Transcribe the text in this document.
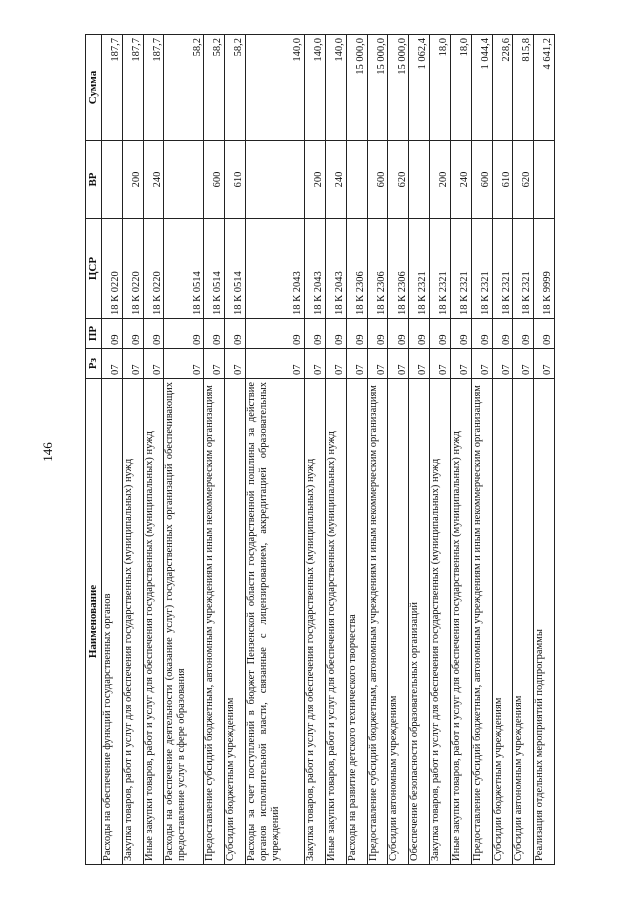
146
Наименование	Рз	ПР	ЦСР	ВР	Сумма
Расходы на обеспечение функций государственных органов	07	09	18 К 0220		187,7
Закупка товаров, работ и услуг для обеспечения государственных (муниципальных) нужд	07	09	18 К 0220	200	187,7
Иные закупки товаров, работ и услуг для обеспечения государственных (муниципальных) нужд	07	09	18 К 0220	240	187,7
Расходы на обеспечение деятельности (оказание услуг) государственных организаций обеспечивающих предоставление услуг в сфере образования	07	09	18 К 0514		58,2
Предоставление субсидий бюджетным, автономным учреждениям и иным некоммерческим организациям	07	09	18 К 0514	600	58,2
Субсидии бюджетным учреждениям	07	09	18 К 0514	610	58,2
Расходы за счет поступлений в бюджет Пензенской области государственной пошлины за действие органов исполнительной власти, связанные с лицензированием, аккредитацией образовательных учреждений	07	09	18 К 2043		140,0
Закупка товаров, работ и услуг для обеспечения государственных (муниципальных) нужд	07	09	18 К 2043	200	140,0
Иные закупки товаров, работ и услуг для обеспечения государственных (муниципальных) нужд	07	09	18 К 2043	240	140,0
Расходы на развитие детского технического творчества	07	09	18 К 2306		15 000,0
Предоставление субсидий бюджетным, автономным учреждениям и иным некоммерческим организациям	07	09	18 К 2306	600	15 000,0
Субсидии автономным учреждениям	07	09	18 К 2306	620	15 000,0
Обеспечение безопасности образовательных организаций	07	09	18 К 2321		1 062,4
Закупка товаров, работ и услуг для обеспечения государственных (муниципальных) нужд	07	09	18 К 2321	200	18,0
Иные закупки товаров, работ и услуг для обеспечения государственных (муниципальных) нужд	07	09	18 К 2321	240	18,0
Предоставление субсидий бюджетным, автономным учреждениям и иным некоммерческим организациям	07	09	18 К 2321	600	1 044,4
Субсидии бюджетным учреждениям	07	09	18 К 2321	610	228,6
Субсидии автономным учреждениям	07	09	18 К 2321	620	815,8
Реализация отдельных мероприятий подпрограммы	07	09	18 К 9999		4 641,2
